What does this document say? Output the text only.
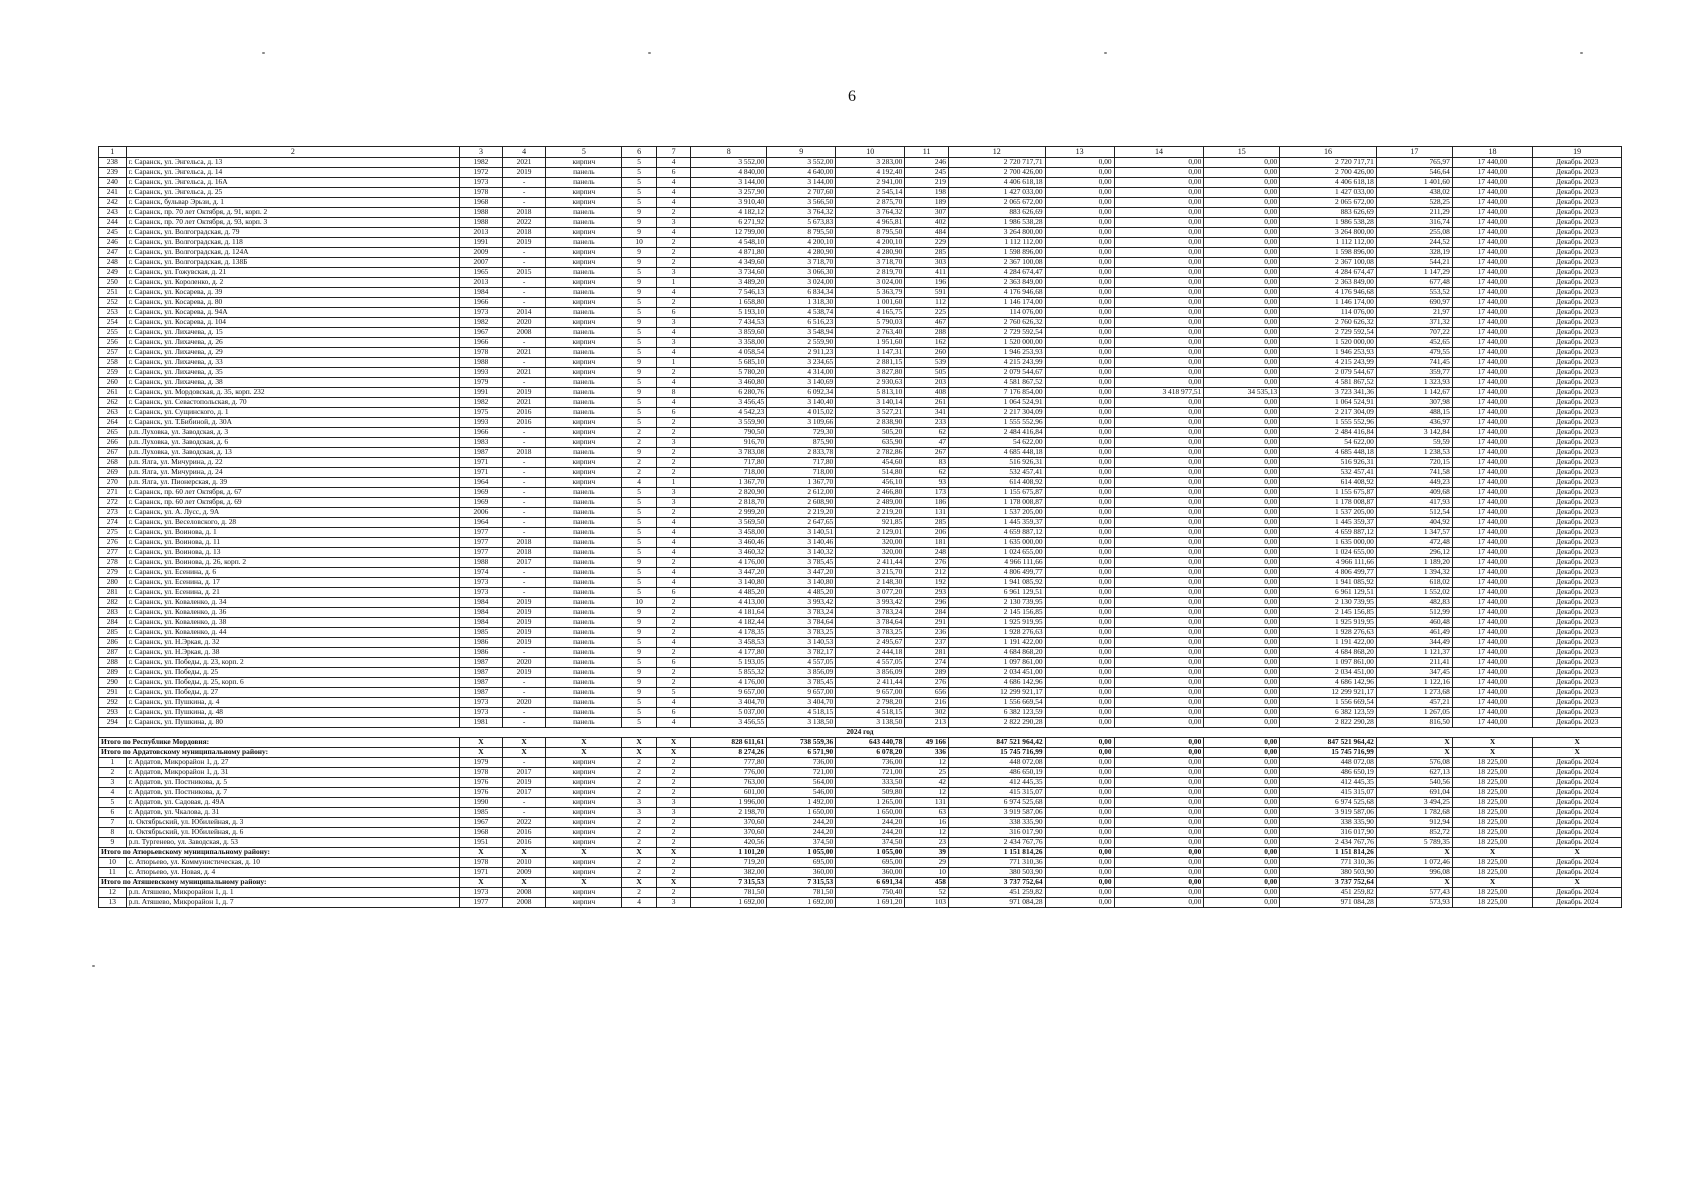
6
1	2	3	4	5	6	7	8	9	10	11	12	13	14	15	16	17	18	19
238	г. Саранск, ул. Энгельса, д. 13	1982	2021	кирпич	5	4	3 552,00	3 552,00	3 283,00	246	2 720 717,71	0,00	0,00	0,00	2 720 717,71	765,97	17 440,00	Декабрь 2023
239	г. Саранск, ул. Энгельса, д. 14	1972	2019	панель	5	6	4 840,00	4 640,00	4 192,40	245	2 700 426,00	0,00	0,00	0,00	2 700 426,00	546,64	17 440,00	Декабрь 2023
240	г. Саранск, ул. Энгельса, д. 16А	1973	-	панель	5	4	3 144,00	3 144,00	2 941,00	219	4 406 618,18	0,00	0,00	0,00	4 406 618,18	1 401,60	17 440,00	Декабрь 2023
241	г. Саранск, ул. Энгельса, д. 25	1978	-	кирпич	5	4	3 257,90	2 707,60	2 545,14	198	1 427 033,00	0,00	0,00	0,00	1 427 033,00	438,02	17 440,00	Декабрь 2023
242	г. Саранск, бульвар Эрьзи, д. 1	1968	-	кирпич	5	4	3 910,40	3 566,50	2 875,70	189	2 065 672,00	0,00	0,00	0,00	2 065 672,00	528,25	17 440,00	Декабрь 2023
243	г. Саранск, пр. 70 лет Октября, д. 91, корп. 2	1988	2018	панель	9	2	4 182,12	3 764,32	3 764,32	307	883 626,69	0,00	0,00	0,00	883 626,69	211,29	17 440,00	Декабрь 2023
244	г. Саранск, пр. 70 лет Октября, д. 93, корп. 3	1988	2022	панель	9	3	6 271,92	5 673,83	4 965,81	402	1 986 538,28	0,00	0,00	0,00	1 986 538,28	316,74	17 440,00	Декабрь 2023
245	г. Саранск, ул. Волгоградская, д. 79	2013	2018	кирпич	9	4	12 799,00	8 795,50	8 795,50	484	3 264 800,00	0,00	0,00	0,00	3 264 800,00	255,08	17 440,00	Декабрь 2023
246	г. Саранск, ул. Волгоградская, д. 118	1991	2019	панель	10	2	4 548,10	4 200,10	4 200,10	229	1 112 112,00	0,00	0,00	0,00	1 112 112,00	244,52	17 440,00	Декабрь 2023
247	г. Саранск, ул. Волгоградская, д. 124А	2009	-	кирпич	9	2	4 871,80	4 280,90	4 280,90	285	1 598 896,00	0,00	0,00	0,00	1 598 896,00	328,19	17 440,00	Декабрь 2023
248	г. Саранск, ул. Волгоградская, д. 138Б	2007	-	кирпич	9	2	4 349,60	3 718,70	3 718,70	303	2 367 100,08	0,00	0,00	0,00	2 367 100,08	544,21	17 440,00	Декабрь 2023
249	г. Саранск, ул. Гожувская, д. 21	1965	2015	панель	5	3	3 734,60	3 066,30	2 819,70	411	4 284 674,47	0,00	0,00	0,00	4 284 674,47	1 147,29	17 440,00	Декабрь 2023
250	г. Саранск, ул. Короленко, д. 2	2013	-	кирпич	9	1	3 489,20	3 024,00	3 024,00	196	2 363 849,00	0,00	0,00	0,00	2 363 849,00	677,48	17 440,00	Декабрь 2023
251	г. Саранск, ул. Косарева, д. 39	1984	-	панель	9	4	7 546,13	6 834,34	5 363,79	591	4 176 946,68	0,00	0,00	0,00	4 176 946,68	553,52	17 440,00	Декабрь 2023
252	г. Саранск, ул. Косарева, д. 80	1966	-	кирпич	5	2	1 658,80	1 318,30	1 001,60	112	1 146 174,00	0,00	0,00	0,00	1 146 174,00	690,97	17 440,00	Декабрь 2023
253	г. Саранск, ул. Косарева, д. 94А	1973	2014	панель	5	6	5 193,10	4 538,74	4 165,75	225	114 076,00	0,00	0,00	0,00	114 076,00	21,97	17 440,00	Декабрь 2023
254	г. Саранск, ул. Косарева, д. 104	1982	2020	кирпич	9	3	7 434,53	6 516,23	5 790,03	467	2 760 626,32	0,00	0,00	0,00	2 760 626,32	371,32	17 440,00	Декабрь 2023
255	г. Саранск, ул. Лихачева, д. 15	1967	2008	панель	5	4	3 859,60	3 548,94	2 763,40	288	2 729 592,54	0,00	0,00	0,00	2 729 592,54	707,22	17 440,00	Декабрь 2023
256	г. Саранск, ул. Лихачева, д. 26	1966	-	кирпич	5	3	3 358,00	2 559,90	1 951,60	162	1 520 000,00	0,00	0,00	0,00	1 520 000,00	452,65	17 440,00	Декабрь 2023
257	г. Саранск, ул. Лихачева, д. 29	1978	2021	панель	5	4	4 058,54	2 911,23	1 147,31	260	1 946 253,93	0,00	0,00	0,00	1 946 253,93	479,55	17 440,00	Декабрь 2023
258	г. Саранск, ул. Лихачева, д. 33	1988	-	кирпич	9	1	5 685,10	3 234,65	2 881,15	539	4 215 243,99	0,00	0,00	0,00	4 215 243,99	741,45	17 440,00	Декабрь 2023
259	г. Саранск, ул. Лихачева, д. 35	1993	2021	кирпич	9	2	5 780,20	4 314,00	3 827,80	505	2 079 544,67	0,00	0,00	0,00	2 079 544,67	359,77	17 440,00	Декабрь 2023
260	г. Саранск, ул. Лихачева, д. 38	1979	-	панель	5	4	3 460,80	3 140,69	2 930,63	203	4 581 867,52	0,00	0,00	0,00	4 581 867,52	1 323,93	17 440,00	Декабрь 2023
261	г. Саранск, ул. Мордовская, д. 35, корп. 232	1991	2019	панель	9	8	6 280,76	6 092,34	5 813,10	408	7 176 854,00	0,00	3 418 977,51	34 535,13	3 723 341,36	1 142,67	17 440,00	Декабрь 2023
262	г. Саранск, ул. Севастопольская, д. 70	1982	2021	панель	5	4	3 456,45	3 140,40	3 140,14	261	1 064 524,91	0,00	0,00	0,00	1 064 524,91	307,98	17 440,00	Декабрь 2023
263	г. Саранск, ул. Сущинского, д. 1	1975	2016	панель	5	6	4 542,23	4 015,02	3 527,21	341	2 217 304,09	0,00	0,00	0,00	2 217 304,09	488,15	17 440,00	Декабрь 2023
264	г. Саранск, ул. Т.Бибиной, д. 30А	1993	2016	кирпич	5	2	3 559,90	3 109,66	2 838,90	233	1 555 552,96	0,00	0,00	0,00	1 555 552,96	436,97	17 440,00	Декабрь 2023
265	р.п. Луховка, ул. Заводская, д. 3	1966	-	кирпич	2	2	790,50	729,30	505,20	62	2 484 416,84	0,00	0,00	0,00	2 484 416,84	3 142,84	17 440,00	Декабрь 2023
266	р.п. Луховка, ул. Заводская, д. 6	1983	-	кирпич	2	3	916,70	875,90	635,90	47	54 622,00	0,00	0,00	0,00	54 622,00	59,59	17 440,00	Декабрь 2023
267	р.п. Луховка, ул. Заводская, д. 13	1987	2018	панель	9	2	3 783,08	2 833,78	2 782,86	267	4 685 448,18	0,00	0,00	0,00	4 685 448,18	1 238,53	17 440,00	Декабрь 2023
268	р.п. Ялга, ул. Мичурина, д. 22	1971	-	кирпич	2	2	717,80	717,80	454,60	83	516 926,31	0,00	0,00	0,00	516 926,31	720,15	17 440,00	Декабрь 2023
269	р.п. Ялга, ул. Мичурина, д. 24	1971	-	кирпич	2	2	718,00	718,00	514,80	62	532 457,41	0,00	0,00	0,00	532 457,41	741,58	17 440,00	Декабрь 2023
270	р.п. Ялга, ул. Пионерская, д. 39	1964	-	кирпич	4	1	1 367,70	1 367,70	456,10	93	614 408,92	0,00	0,00	0,00	614 408,92	449,23	17 440,00	Декабрь 2023
271	г. Саранск, пр. 60 лет Октября, д. 67	1969	-	панель	5	3	2 820,90	2 612,00	2 466,80	173	1 155 675,87	0,00	0,00	0,00	1 155 675,87	409,68	17 440,00	Декабрь 2023
272	г. Саранск, пр. 60 лет Октября, д. 69	1969	-	панель	5	3	2 818,70	2 608,90	2 489,00	186	1 178 008,87	0,00	0,00	0,00	1 178 008,87	417,93	17 440,00	Декабрь 2023
273	г. Саранск, ул. А. Лусс, д. 9А	2006	-	панель	5	2	2 999,20	2 219,20	2 219,20	131	1 537 205,00	0,00	0,00	0,00	1 537 205,00	512,54	17 440,00	Декабрь 2023
274	г. Саранск, ул. Веселовского, д. 28	1964	-	панель	5	4	3 569,50	2 647,65	921,85	285	1 445 359,37	0,00	0,00	0,00	1 445 359,37	404,92	17 440,00	Декабрь 2023
275	г. Саранск, ул. Воинова, д. 1	1977	-	панель	5	4	3 458,00	3 140,51	2 129,01	206	4 659 887,12	0,00	0,00	0,00	4 659 887,12	1 347,57	17 440,00	Декабрь 2023
276	г. Саранск, ул. Воинова, д. 11	1977	2018	панель	5	4	3 460,46	3 140,46	320,00	181	1 635 000,00	0,00	0,00	0,00	1 635 000,00	472,48	17 440,00	Декабрь 2023
277	г. Саранск, ул. Воинова, д. 13	1977	2018	панель	5	4	3 460,32	3 140,32	320,00	248	1 024 655,00	0,00	0,00	0,00	1 024 655,00	296,12	17 440,00	Декабрь 2023
278	г. Саранск, ул. Воинова, д. 26, корп. 2	1988	2017	панель	9	2	4 176,00	3 785,45	2 411,44	276	4 966 111,66	0,00	0,00	0,00	4 966 111,66	1 189,20	17 440,00	Декабрь 2023
279	г. Саранск, ул. Есенина, д. 6	1974	-	панель	5	4	3 447,20	3 447,20	3 215,70	212	4 806 499,77	0,00	0,00	0,00	4 806 499,77	1 394,32	17 440,00	Декабрь 2023
280	г. Саранск, ул. Есенина, д. 17	1973	-	панель	5	4	3 140,80	3 140,80	2 148,30	192	1 941 085,92	0,00	0,00	0,00	1 941 085,92	618,02	17 440,00	Декабрь 2023
281	г. Саранск, ул. Есенина, д. 21	1973	-	панель	5	6	4 485,20	4 485,20	3 077,20	293	6 961 129,51	0,00	0,00	0,00	6 961 129,51	1 552,02	17 440,00	Декабрь 2023
282	г. Саранск, ул. Коваленко, д. 34	1984	2019	панель	10	2	4 413,00	3 993,42	3 993,42	296	2 130 739,95	0,00	0,00	0,00	2 130 739,95	482,83	17 440,00	Декабрь 2023
283	г. Саранск, ул. Коваленко, д. 36	1984	2019	панель	9	2	4 181,64	3 783,24	3 783,24	284	2 145 156,85	0,00	0,00	0,00	2 145 156,85	512,99	17 440,00	Декабрь 2023
284	г. Саранск, ул. Коваленко, д. 38	1984	2019	панель	9	2	4 182,44	3 784,64	3 784,64	291	1 925 919,95	0,00	0,00	0,00	1 925 919,95	460,48	17 440,00	Декабрь 2023
285	г. Саранск, ул. Коваленко, д. 44	1985	2019	панель	9	2	4 178,35	3 783,25	3 783,25	236	1 928 276,63	0,00	0,00	0,00	1 928 276,63	461,49	17 440,00	Декабрь 2023
286	г. Саранск, ул. Н.Эркая, д. 32	1986	2019	панель	5	4	3 458,53	3 140,53	2 495,67	237	1 191 422,00	0,00	0,00	0,00	1 191 422,00	344,49	17 440,00	Декабрь 2023
287	г. Саранск, ул. Н.Эркая, д. 38	1986	-	панель	9	2	4 177,80	3 782,17	2 444,18	281	4 684 868,20	0,00	0,00	0,00	4 684 868,20	1 121,37	17 440,00	Декабрь 2023
288	г. Саранск, ул. Победы, д. 23, корп. 2	1987	2020	панель	5	6	5 193,05	4 557,05	4 557,05	274	1 097 861,00	0,00	0,00	0,00	1 097 861,00	211,41	17 440,00	Декабрь 2023
289	г. Саранск, ул. Победы, д. 25	1987	2019	панель	9	2	5 855,32	3 856,09	3 856,09	289	2 034 451,00	0,00	0,00	0,00	2 034 451,00	347,45	17 440,00	Декабрь 2023
290	г. Саранск, ул. Победы, д. 25, корп. 6	1987	-	панель	9	2	4 176,00	3 785,45	2 411,44	276	4 686 142,96	0,00	0,00	0,00	4 686 142,96	1 122,16	17 440,00	Декабрь 2023
291	г. Саранск, ул. Победы, д. 27	1987	-	панель	9	5	9 657,00	9 657,00	9 657,00	656	12 299 921,17	0,00	0,00	0,00	12 299 921,17	1 273,68	17 440,00	Декабрь 2023
292	г. Саранск, ул. Пушкина, д. 4	1973	2020	панель	5	4	3 404,70	3 404,70	2 798,20	216	1 556 669,54	0,00	0,00	0,00	1 556 669,54	457,21	17 440,00	Декабрь 2023
293	г. Саранск, ул. Пушкина, д. 48	1973	-	панель	5	6	5 037,00	4 518,15	4 518,15	302	6 382 123,59	0,00	0,00	0,00	6 382 123,59	1 267,05	17 440,00	Декабрь 2023
294	г. Саранск, ул. Пушкина, д. 80	1981	-	панель	5	4	3 456,55	3 138,50	3 138,50	213	2 822 290,28	0,00	0,00	0,00	2 822 290,28	816,50	17 440,00	Декабрь 2023
2024 год																		
Итого по Республике Мордовия:		X	X	X	X	X	828 611,61	738 559,36	643 440,78	49 166	847 521 964,42	0,00	0,00	0,00	847 521 964,42	X	X	X
Итого по Ардатовскому муниципальному району:		X	X	X	X	X	8 274,26	6 571,90	6 078,20	336	15 745 716,99	0,00	0,00	0,00	15 745 716,99	X	X	X
1	г. Ардатов, Микрорайон 1, д. 27	1979	-	кирпич	2	2	777,80	736,00	736,00	12	448 072,08	0,00	0,00	0,00	448 072,08	576,08	18 225,00	Декабрь 2024
2	г. Ардатов, Микрорайон 1, д. 31	1978	2017	кирпич	2	2	776,00	721,00	721,00	25	486 650,19	0,00	0,00	0,00	486 650,19	627,13	18 225,00	Декабрь 2024
3	г. Ардатов, ул. Постникова, д. 5	1976	2019	кирпич	2	2	763,00	564,00	333,50	42	412 445,35	0,00	0,00	0,00	412 445,35	540,56	18 225,00	Декабрь 2024
4	г. Ардатов, ул. Постникова, д. 7	1976	2017	кирпич	2	2	601,00	546,00	509,80	12	415 315,07	0,00	0,00	0,00	415 315,07	691,04	18 225,00	Декабрь 2024
5	г. Ардатов, ул. Садовая, д. 49А	1990	-	кирпич	3	3	1 996,00	1 492,00	1 265,00	131	6 974 525,68	0,00	0,00	0,00	6 974 525,68	3 494,25	18 225,00	Декабрь 2024
6	г. Ардатов, ул. Чкалова, д. 31	1985	-	кирпич	3	3	2 198,70	1 650,00	1 650,00	63	3 919 587,06	0,00	0,00	0,00	3 919 587,06	1 782,68	18 225,00	Декабрь 2024
7	п. Октябрьский, ул. Юбилейная, д. 3	1967	2022	кирпич	2	2	370,60	244,20	244,20	16	338 335,90	0,00	0,00	0,00	338 335,90	912,94	18 225,00	Декабрь 2024
8	п. Октябрьский, ул. Юбилейная, д. 6	1968	2016	кирпич	2	2	370,60	244,20	244,20	12	316 017,90	0,00	0,00	0,00	316 017,90	852,72	18 225,00	Декабрь 2024
9	р.п. Тургенево, ул. Заводская, д. 53	1951	2016	кирпич	2	2	420,56	374,50	374,50	23	2 434 767,76	0,00	0,00	0,00	2 434 767,76	5 789,35	18 225,00	Декабрь 2024
Итого по Атюрьевскому муниципальному району:		X	X	X	X	X	1 101,20	1 055,00	1 055,00	39	1 151 814,26	0,00	0,00	0,00	1 151 814,26	X	X	X
10	с. Атюрьево, ул. Коммунистическая, д. 10	1978	2010	кирпич	2	2	719,20	695,00	695,00	29	771 310,36	0,00	0,00	0,00	771 310,36	1 072,46	18 225,00	Декабрь 2024
11	с. Атюрьево, ул. Новая, д. 4	1971	2009	кирпич	2	2	382,00	360,00	360,00	10	380 503,90	0,00	0,00	0,00	380 503,90	996,08	18 225,00	Декабрь 2024
Итого по Атяшевскому муниципальному району:		X	X	X	X	X	7 315,53	7 315,53	6 691,34	458	3 737 752,64	0,00	0,00	0,00	3 737 752,64	X	X	X
12	р.п. Атяшево, Микрорайон 1, д. 1	1973	2008	кирпич	2	2	781,50	781,50	750,40	52	451 259,82	0,00	0,00	0,00	451 259,82	577,43	18 225,00	Декабрь 2024
13	р.п. Атяшево, Микрорайон 1, д. 7	1977	2008	кирпич	4	3	1 692,00	1 692,00	1 691,20	103	971 084,28	0,00	0,00	0,00	971 084,28	573,93	18 225,00	Декабрь 2024
